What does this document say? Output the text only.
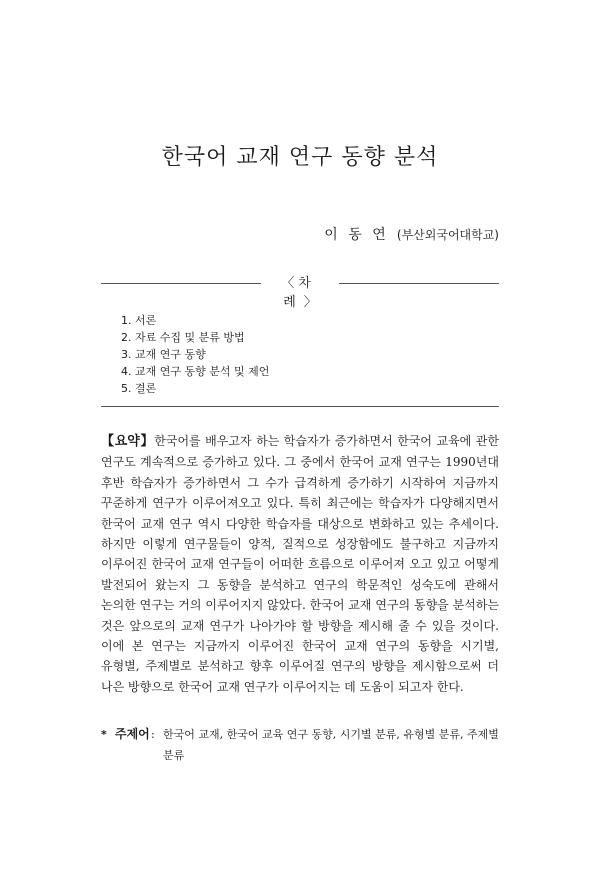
한국어 교재 연구 동향 분석
이 동 연 (부산외국어대학교)
〈 차 례〉
1. 서론
2. 자료 수집 및 분류 방법
3. 교재 연구 동향
4. 교재 연구 동향 분석 및 제언
5. 결론
【요약】한국어를 배우고자 하는 학습자가 증가하면서 한국어 교육에 관한 연구도 계속적으로 증가하고 있다. 그 중에서 한국어 교재 연구는 1990년대 후반 학습자가 증가하면서 그 수가 급격하게 증가하기 시작하여 지금까지 꾸준하게 연구가 이루어져오고 있다. 특히 최근에는 학습자가 다양해지면서 한국어 교재 연구 역시 다양한 학습자를 대상으로 변화하고 있는 추세이다. 하지만 이렇게 연구물들이 양적, 질적으로 성장함에도 불구하고 지금까지 이루어진 한국어 교재 연구들이 어떠한 흐름으로 이루어져 오고 있고 어떻게 발전되어 왔는지 그 동향을 분석하고 연구의 학문적인 성숙도에 관해서 논의한 연구는 거의 이루어지지 않았다. 한국어 교재 연구의 동향을 분석하는 것은 앞으로의 교재 연구가 나아가야 할 방향을 제시해 줄 수 있을 것이다. 이에 본 연구는 지금까지 이루어진 한국어 교재 연구의 동향을 시기별, 유형별, 주제별로 분석하고 향후 이루어질 연구의 방향을 제시함으로써 더 나은 방향으로 한국어 교재 연구가 이루어지는 데 도움이 되고자 한다.
* 주제어 : 한국어 교재, 한국어 교육 연구 동향, 시기별 분류, 유형별 분류, 주제별 분류
